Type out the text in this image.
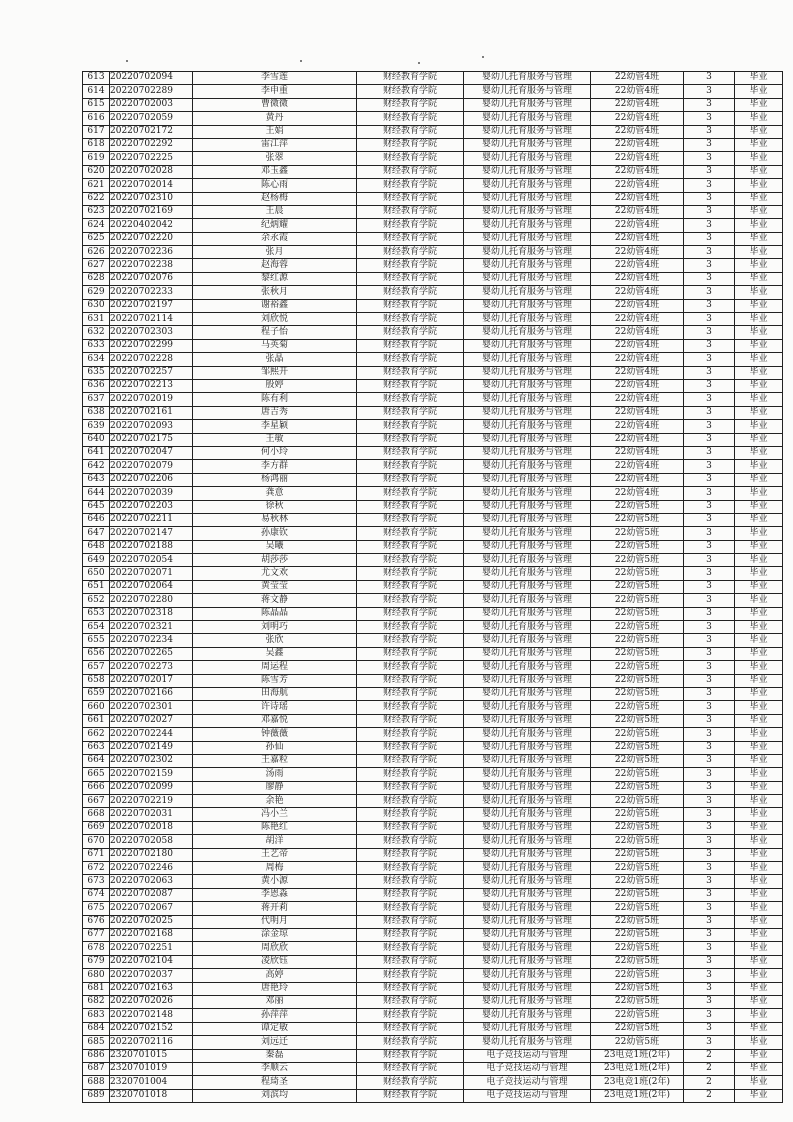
613	20220702094	李雪莲	财经教育学院	婴幼儿托育服务与管理	22幼管4班	3	毕业
614	20220702289	李申重	财经教育学院	婴幼儿托育服务与管理	22幼管4班	3	毕业
615	20220702003	曹微微	财经教育学院	婴幼儿托育服务与管理	22幼管4班	3	毕业
616	20220702059	黄丹	财经教育学院	婴幼儿托育服务与管理	22幼管4班	3	毕业
617	20220702172	王娟	财经教育学院	婴幼儿托育服务与管理	22幼管4班	3	毕业
618	20220702292	雷江萍	财经教育学院	婴幼儿托育服务与管理	22幼管4班	3	毕业
619	20220702225	张翠	财经教育学院	婴幼儿托育服务与管理	22幼管4班	3	毕业
620	20220702028	邓玉鑫	财经教育学院	婴幼儿托育服务与管理	22幼管4班	3	毕业
621	20220702014	陈心雨	财经教育学院	婴幼儿托育服务与管理	22幼管4班	3	毕业
622	20220702310	赵杨梅	财经教育学院	婴幼儿托育服务与管理	22幼管4班	3	毕业
623	20220702169	王晨	财经教育学院	婴幼儿托育服务与管理	22幼管4班	3	毕业
624	20220402042	纪炳耀	财经教育学院	婴幼儿托育服务与管理	22幼管4班	3	毕业
625	20220702220	余永霞	财经教育学院	婴幼儿托育服务与管理	22幼管4班	3	毕业
626	20220702236	张月	财经教育学院	婴幼儿托育服务与管理	22幼管4班	3	毕业
627	20220702238	赵海蓉	财经教育学院	婴幼儿托育服务与管理	22幼管4班	3	毕业
628	20220702076	黎红源	财经教育学院	婴幼儿托育服务与管理	22幼管4班	3	毕业
629	20220702233	张秋月	财经教育学院	婴幼儿托育服务与管理	22幼管4班	3	毕业
630	20220702197	谢裕鑫	财经教育学院	婴幼儿托育服务与管理	22幼管4班	3	毕业
631	20220702114	刘欣悦	财经教育学院	婴幼儿托育服务与管理	22幼管4班	3	毕业
632	20220702303	程子怡	财经教育学院	婴幼儿托育服务与管理	22幼管4班	3	毕业
633	20220702299	马英菊	财经教育学院	婴幼儿托育服务与管理	22幼管4班	3	毕业
634	20220702228	张晶	财经教育学院	婴幼儿托育服务与管理	22幼管4班	3	毕业
635	20220702257	邹熙开	财经教育学院	婴幼儿托育服务与管理	22幼管4班	3	毕业
636	20220702213	殷婷	财经教育学院	婴幼儿托育服务与管理	22幼管4班	3	毕业
637	20220702019	陈有利	财经教育学院	婴幼儿托育服务与管理	22幼管4班	3	毕业
638	20220702161	唐吉秀	财经教育学院	婴幼儿托育服务与管理	22幼管4班	3	毕业
639	20220702093	李星颖	财经教育学院	婴幼儿托育服务与管理	22幼管4班	3	毕业
640	20220702175	王敏	财经教育学院	婴幼儿托育服务与管理	22幼管4班	3	毕业
641	20220702047	何小玲	财经教育学院	婴幼儿托育服务与管理	22幼管4班	3	毕业
642	20220702079	李方群	财经教育学院	婴幼儿托育服务与管理	22幼管4班	3	毕业
643	20220702206	杨鸿丽	财经教育学院	婴幼儿托育服务与管理	22幼管4班	3	毕业
644	20220702039	龚意	财经教育学院	婴幼儿托育服务与管理	22幼管4班	3	毕业
645	20220702203	徐秋	财经教育学院	婴幼儿托育服务与管理	22幼管5班	3	毕业
646	20220702211	易秋林	财经教育学院	婴幼儿托育服务与管理	22幼管5班	3	毕业
647	20220702147	孙康钦	财经教育学院	婴幼儿托育服务与管理	22幼管5班	3	毕业
648	20220702188	吴曦	财经教育学院	婴幼儿托育服务与管理	22幼管5班	3	毕业
649	20220702054	胡莎莎	财经教育学院	婴幼儿托育服务与管理	22幼管5班	3	毕业
650	20220702071	尤文欢	财经教育学院	婴幼儿托育服务与管理	22幼管5班	3	毕业
651	20220702064	黄莹莹	财经教育学院	婴幼儿托育服务与管理	22幼管5班	3	毕业
652	20220702280	蒋文静	财经教育学院	婴幼儿托育服务与管理	22幼管5班	3	毕业
653	20220702318	陈晶晶	财经教育学院	婴幼儿托育服务与管理	22幼管5班	3	毕业
654	20220702321	刘明巧	财经教育学院	婴幼儿托育服务与管理	22幼管5班	3	毕业
655	20220702234	张欣	财经教育学院	婴幼儿托育服务与管理	22幼管5班	3	毕业
656	20220702265	吴鑫	财经教育学院	婴幼儿托育服务与管理	22幼管5班	3	毕业
657	20220702273	周运程	财经教育学院	婴幼儿托育服务与管理	22幼管5班	3	毕业
658	20220702017	陈雪芳	财经教育学院	婴幼儿托育服务与管理	22幼管5班	3	毕业
659	20220702166	田海航	财经教育学院	婴幼儿托育服务与管理	22幼管5班	3	毕业
660	20220702301	许诗瑶	财经教育学院	婴幼儿托育服务与管理	22幼管5班	3	毕业
661	20220702027	邓嘉悦	财经教育学院	婴幼儿托育服务与管理	22幼管5班	3	毕业
662	20220702244	钟薇薇	财经教育学院	婴幼儿托育服务与管理	22幼管5班	3	毕业
663	20220702149	孙仙	财经教育学院	婴幼儿托育服务与管理	22幼管5班	3	毕业
664	20220702302	王嘉粒	财经教育学院	婴幼儿托育服务与管理	22幼管5班	3	毕业
665	20220702159	汤雨	财经教育学院	婴幼儿托育服务与管理	22幼管5班	3	毕业
666	20220702099	廖静	财经教育学院	婴幼儿托育服务与管理	22幼管5班	3	毕业
667	20220702219	余艳	财经教育学院	婴幼儿托育服务与管理	22幼管5班	3	毕业
668	20220702031	冯小兰	财经教育学院	婴幼儿托育服务与管理	22幼管5班	3	毕业
669	20220702018	陈艳红	财经教育学院	婴幼儿托育服务与管理	22幼管5班	3	毕业
670	20220702058	胡洋	财经教育学院	婴幼儿托育服务与管理	22幼管5班	3	毕业
671	20220702180	王艺帝	财经教育学院	婴幼儿托育服务与管理	22幼管5班	3	毕业
672	20220702246	周梅	财经教育学院	婴幼儿托育服务与管理	22幼管5班	3	毕业
673	20220702063	黄小源	财经教育学院	婴幼儿托育服务与管理	22幼管5班	3	毕业
674	20220702087	李恩淼	财经教育学院	婴幼儿托育服务与管理	22幼管5班	3	毕业
675	20220702067	蒋开莉	财经教育学院	婴幼儿托育服务与管理	22幼管5班	3	毕业
676	20220702025	代明月	财经教育学院	婴幼儿托育服务与管理	22幼管5班	3	毕业
677	20220702168	涂金琼	财经教育学院	婴幼儿托育服务与管理	22幼管5班	3	毕业
678	20220702251	周欣欣	财经教育学院	婴幼儿托育服务与管理	22幼管5班	3	毕业
679	20220702104	凌欣钰	财经教育学院	婴幼儿托育服务与管理	22幼管5班	3	毕业
680	20220702037	高婷	财经教育学院	婴幼儿托育服务与管理	22幼管5班	3	毕业
681	20220702163	唐艳玲	财经教育学院	婴幼儿托育服务与管理	22幼管5班	3	毕业
682	20220702026	邓丽	财经教育学院	婴幼儿托育服务与管理	22幼管5班	3	毕业
683	20220702148	孙萍萍	财经教育学院	婴幼儿托育服务与管理	22幼管5班	3	毕业
684	20220702152	谭定敏	财经教育学院	婴幼儿托育服务与管理	22幼管5班	3	毕业
685	20220702116	刘远迁	财经教育学院	婴幼儿托育服务与管理	22幼管5班	3	毕业
686	2320701015	秦磊	财经教育学院	电子竞技运动与管理	23电竞1班(2年)	2	毕业
687	2320701019	李顺云	财经教育学院	电子竞技运动与管理	23电竞1班(2年)	2	毕业
688	2320701004	程琦圣	财经教育学院	电子竞技运动与管理	23电竞1班(2年)	2	毕业
689	2320701018	刘滨均	财经教育学院	电子竞技运动与管理	23电竞1班(2年)	2	毕业
